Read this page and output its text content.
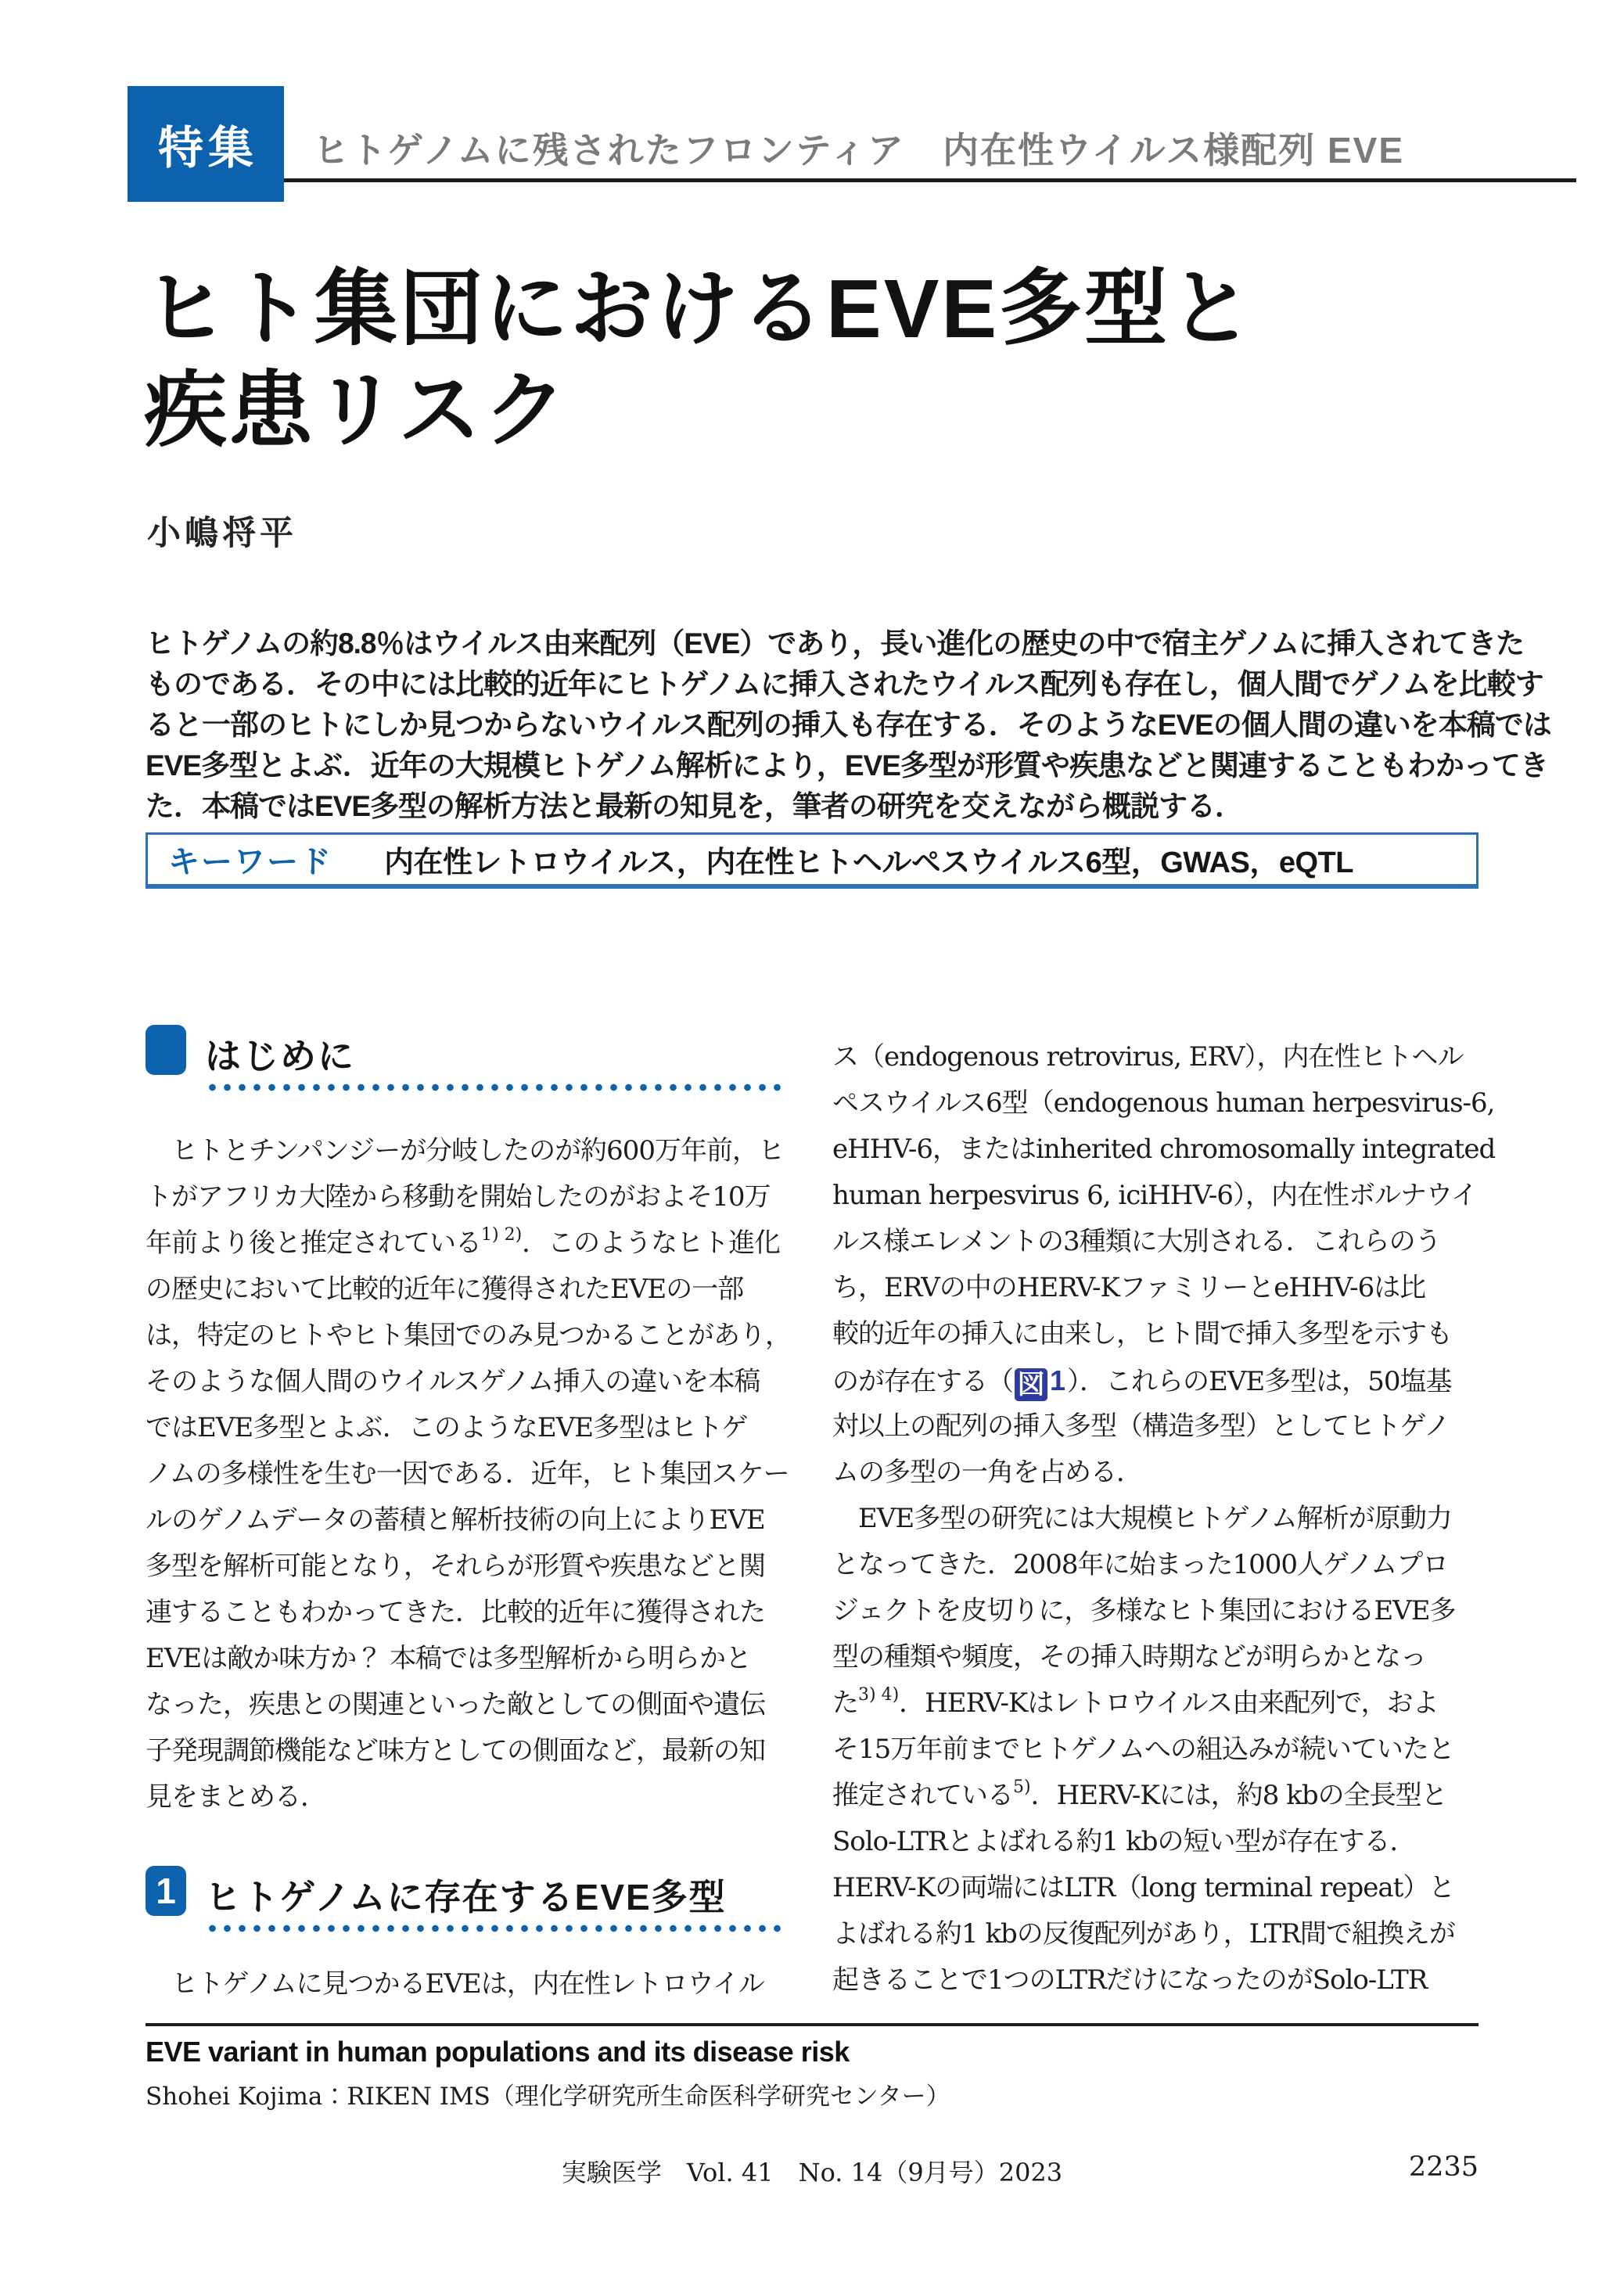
特集 ヒトゲノムに残されたフロンティア　内在性ウイルス様配列 EVE
ヒト集団におけるEVE多型と
疾患リスク
小嶋将平
ヒトゲノムの約8.8％はウイルス由来配列（EVE）であり，長い進化の歴史の中で宿主ゲノムに挿入されてきた
ものである．その中には比較的近年にヒトゲノムに挿入されたウイルス配列も存在し，個人間でゲノムを比較す
ると一部のヒトにしか見つからないウイルス配列の挿入も存在する．そのようなEVEの個人間の違いを本稿では
EVE多型とよぶ．近年の大規模ヒトゲノム解析により，EVE多型が形質や疾患などと関連することもわかってき
た．本稿ではEVE多型の解析方法と最新の知見を，筆者の研究を交えながら概説する．
キーワード 内在性レトロウイルス，内在性ヒトヘルペスウイルス6型，GWAS，eQTL
はじめに
　ヒトとチンパンジーが分岐したのが約600万年前，ヒ
トがアフリカ大陸から移動を開始したのがおよそ10万
年前より後と推定されている$^{1) 2)}$．このようなヒト進化
の歴史において比較的近年に獲得されたEVEの一部
は，特定のヒトやヒト集団でのみ見つかることがあり，
そのような個人間のウイルスゲノム挿入の違いを本稿
ではEVE多型とよぶ．このようなEVE多型はヒトゲ
ノムの多様性を生む一因である．近年，ヒト集団スケー
ルのゲノムデータの蓄積と解析技術の向上によりEVE
多型を解析可能となり，それらが形質や疾患などと関
連することもわかってきた．比較的近年に獲得された
EVEは敵か味方か？ 本稿では多型解析から明らかと
なった，疾患との関連といった敵としての側面や遺伝
子発現調節機能など味方としての側面など，最新の知
見をまとめる．
1 ヒトゲノムに存在するEVE多型
　ヒトゲノムに見つかるEVEは，内在性レトロウイル
ス（endogenous retrovirus, ERV），内在性ヒトヘル
ペスウイルス6型（endogenous human herpesvirus-6,
eHHV-6，またはinherited chromosomally integrated
human herpesvirus 6, iciHHV-6），内在性ボルナウイ
ルス様エレメントの3種類に大別される．これらのう
ち，ERVの中のHERV-KファミリーとeHHV-6は比
較的近年の挿入に由来し，ヒト間で挿入多型を示すも
のが存在する（ 図 1）．これらのEVE多型は，50塩基
対以上の配列の挿入多型（構造多型）としてヒトゲノ
ムの多型の一角を占める．
　EVE多型の研究には大規模ヒトゲノム解析が原動力
となってきた．2008年に始まった1000人ゲノムプロ
ジェクトを皮切りに，多様なヒト集団におけるEVE多
型の種類や頻度，その挿入時期などが明らかとなっ
た$^{3) 4)}$．HERV-Kはレトロウイルス由来配列で，およ
そ15万年前までヒトゲノムへの組込みが続いていたと
推定されている$^{5)}$．HERV-Kには，約8 kbの全長型と
Solo-LTRとよばれる約1 kbの短い型が存在する．
HERV-Kの両端にはLTR（long terminal repeat）と
よばれる約1 kbの反復配列があり，LTR間で組換えが
起きることで1つのLTRだけになったのがSolo-LTR
EVE variant in human populations and its disease risk
Shohei Kojima：RIKEN IMS（理化学研究所生命医科学研究センター）
実験医学　Vol. 41　No. 14（9月号）2023	2235
